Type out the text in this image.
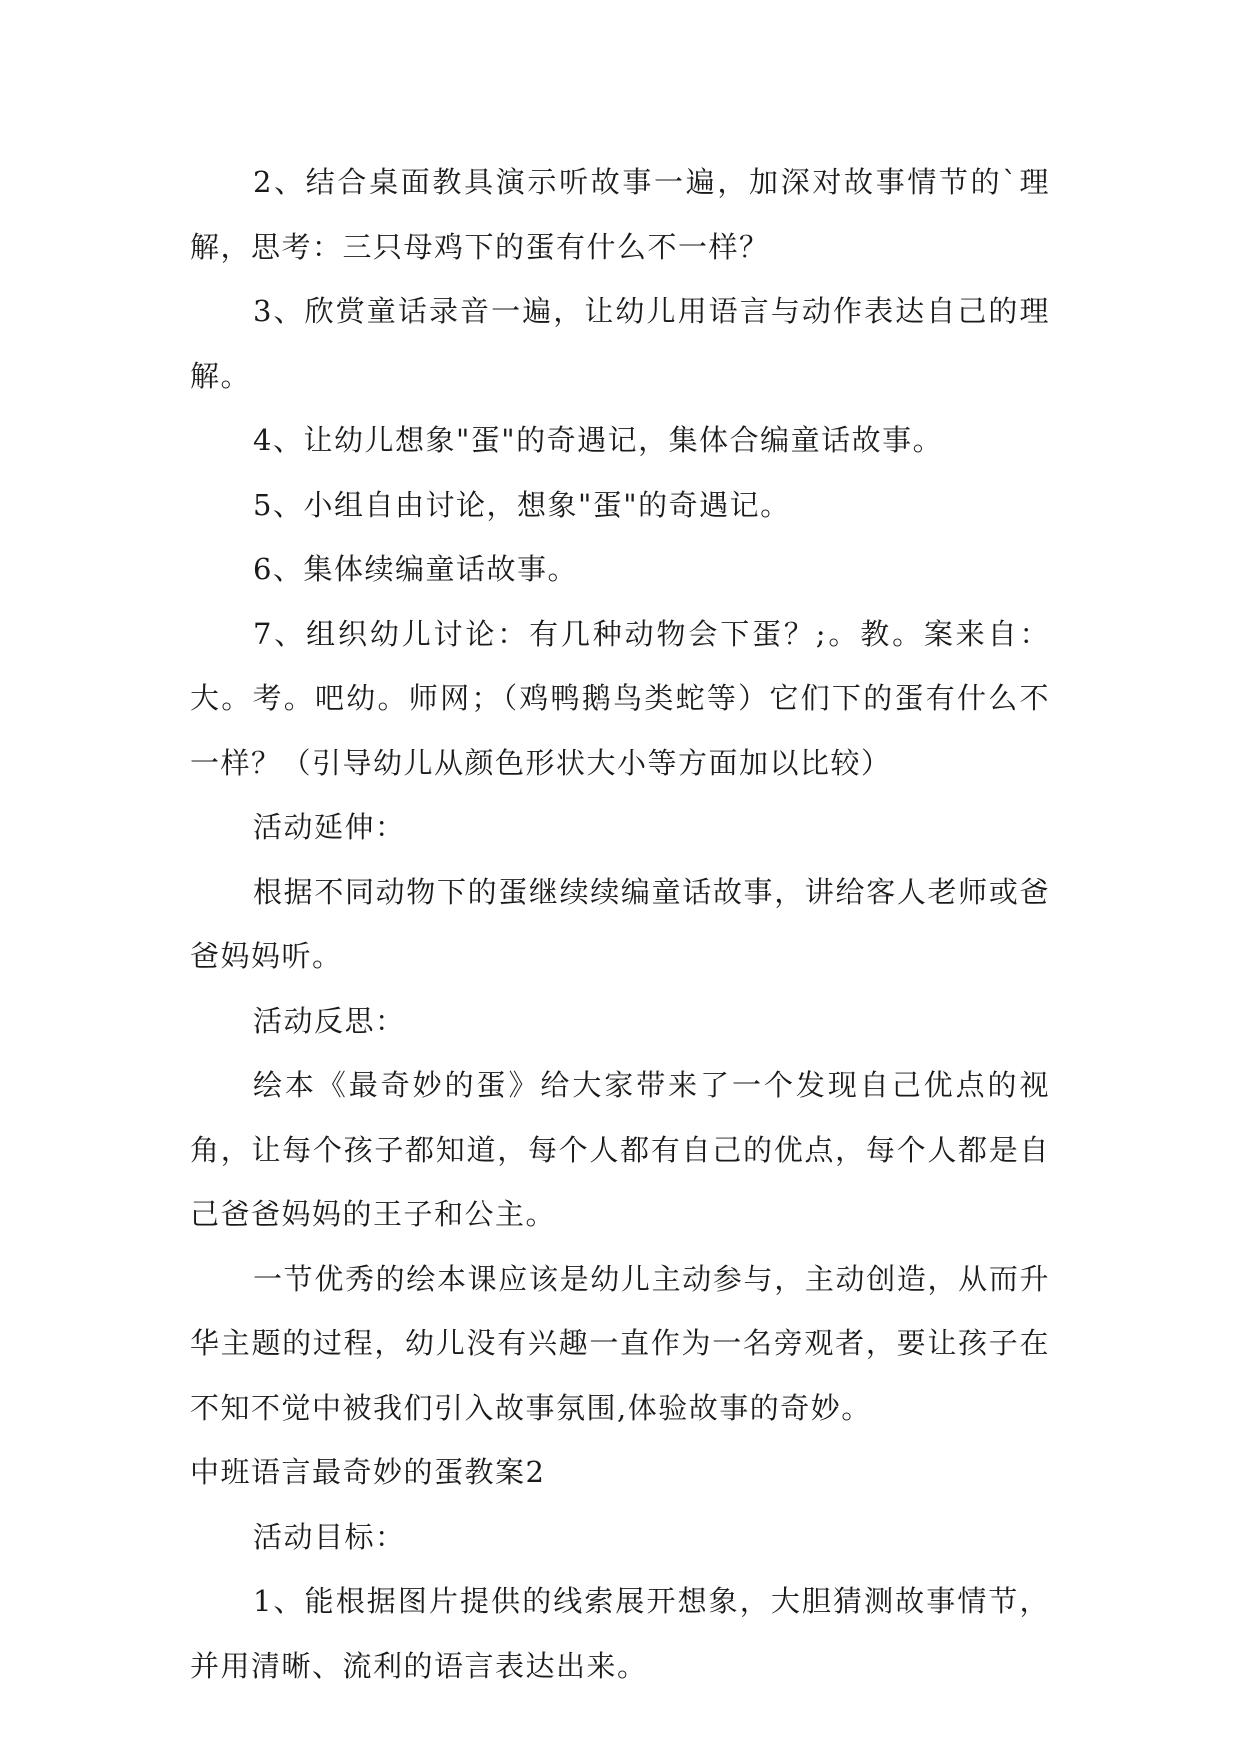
2、结合桌面教具演示听故事一遍，加深对故事情节的`理解，思考：三只母鸡下的蛋有什么不一样？

3、欣赏童话录音一遍，让幼儿用语言与动作表达自己的理解。

4、让幼儿想象"蛋"的奇遇记，集体合编童话故事。

5、小组自由讨论，想象"蛋"的奇遇记。

6、集体续编童话故事。

7、组织幼儿讨论：有几种动物会下蛋？;。教。案来自：大。考。吧幼。师网；（鸡鸭鹅鸟类蛇等）它们下的蛋有什么不一样？（引导幼儿从颜色形状大小等方面加以比较）

活动延伸：

根据不同动物下的蛋继续续编童话故事，讲给客人老师或爸爸妈妈听。

活动反思：

绘本《最奇妙的蛋》给大家带来了一个发现自己优点的视角，让每个孩子都知道，每个人都有自己的优点，每个人都是自己爸爸妈妈的王子和公主。

一节优秀的绘本课应该是幼儿主动参与，主动创造，从而升华主题的过程，幼儿没有兴趣一直作为一名旁观者，要让孩子在不知不觉中被我们引入故事氛围,体验故事的奇妙。

中班语言最奇妙的蛋教案2

活动目标：

1、能根据图片提供的线索展开想象，大胆猜测故事情节，并用清晰、流利的语言表达出来。
